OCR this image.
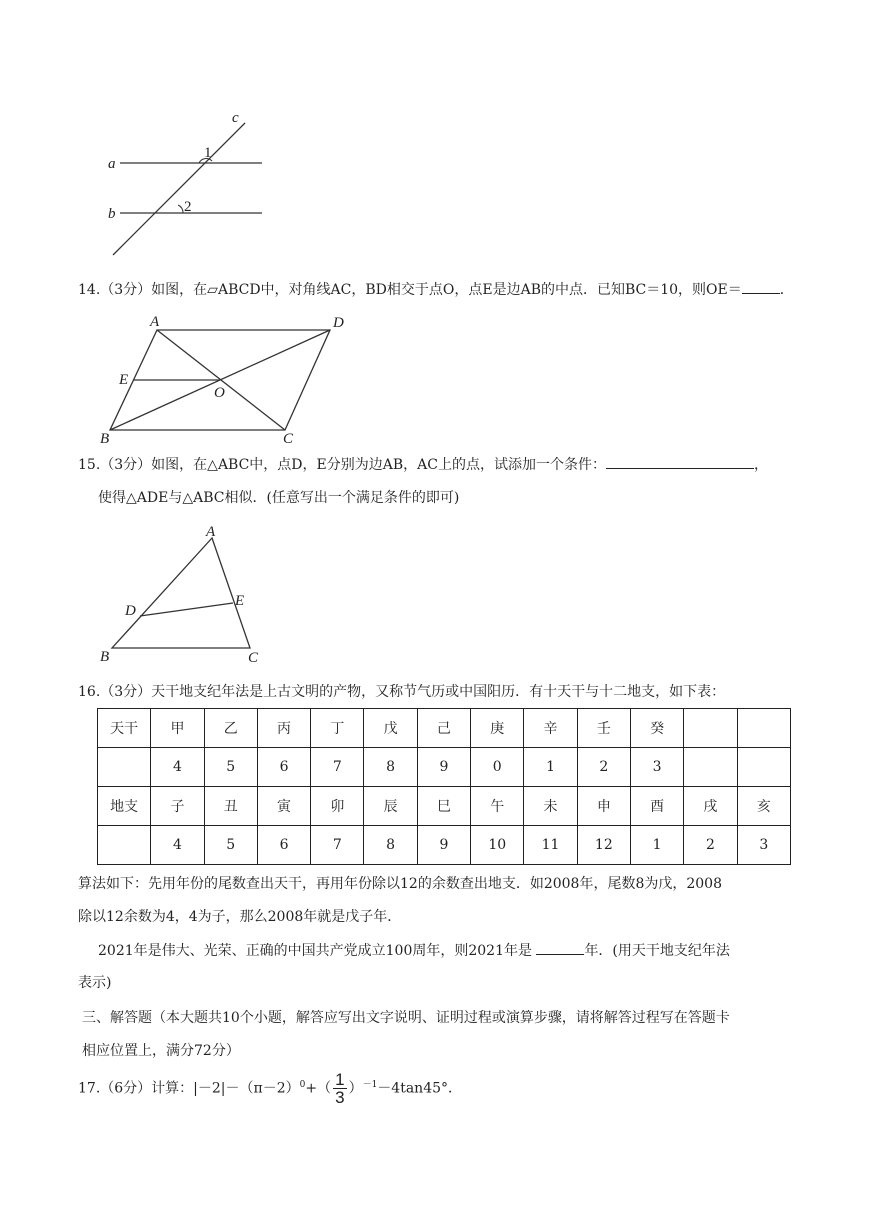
a
b
c
1
2
14.（3分）如图，在▱ABCD中，对角线AC，BD相交于点O，点E是边AB的中点．已知BC＝10，则OE＝	．
A	D
E
O
B	C
15.（3分）如图，在△ABC中，点D，E分别为边AB，AC上的点，试添加一个条件：	，
使得△ADE与△ABC相似．(任意写出一个满足条件的即可)
A
D
E
B	C
16.（3分）天干地支纪年法是上古文明的产物，又称节气历或中国阳历．有十天干与十二地支，如下表：
天干	甲	乙	丙	丁	戊	己	庚	辛	壬	癸		
	4	5	6	7	8	9	0	1	2	3		
地支	子	丑	寅	卯	辰	巳	午	未	申	酉	戌	亥
	4	5	6	7	8	9	10	11	12	1	2	3
算法如下：先用年份的尾数查出天干，再用年份除以12的余数查出地支．如2008年，尾数8为戊，2008
除以12余数为4，4为子，那么2008年就是戊子年．
2021年是伟大、光荣、正确的中国共产党成立100周年，则2021年是	年．(用天干地支纪年法
表示)
三、解答题（本大题共10个小题，解答应写出文字说明、证明过程或演算步骤，请将解答过程写在答题卡
相应位置上，满分72分）
17.（6分）计算：$|-2|-(\pi-2)^0+( \frac{1}{3} )^{-1}-4\tan 45^\circ$．
